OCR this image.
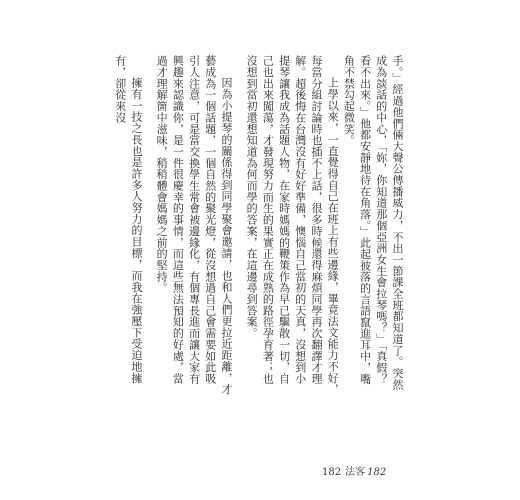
手。」經過他們倆大聲公傳播威力，不出一節課全班都知道了。突然成為談話的中心，「妳，你知道那個亞洲女生會拉琴嗎？」「真假？看不出來。」他都安靜地待在角落。」此起彼落的言語竄進耳中，嘴角不禁勾起微笑。

上學以來，一直覺得自己在班上有些邊緣，畢竟法文能力不好，每當分組討論時也插不上話，很多時候還得麻煩同學再次翻譯才理解。超後悔在台灣沒有好好準備，懊惱自己當初的天真，沒想到小提琴讓我成為話題人物，在家時媽媽的鞭策作為早已驅散一切，自己也出來闖蕩，才發現努力而生的果實正在成熟的路徑孕育著；也沒想到當初還想知道為何而學的答案，在這邊尋到答案。

因為小提琴的關係得到同學聚會邀請，也和人們更拉近距離，才藝成為一個話題，一個自然的聚光燈，從沒想過自己會需要如此吸引人注意，可是當交換學生常會被邊緣化，有個專長進而讓大家有興趣來認識你，是一件很慶幸的事情，而這些無法預知的好處，當過才理解箇中滋味，稍稍體會媽媽之前的堅持。

擁有一技之長也是許多人努力的目標，而我在強壓下受迫地擁有，卻從來沒

182 法客 182
